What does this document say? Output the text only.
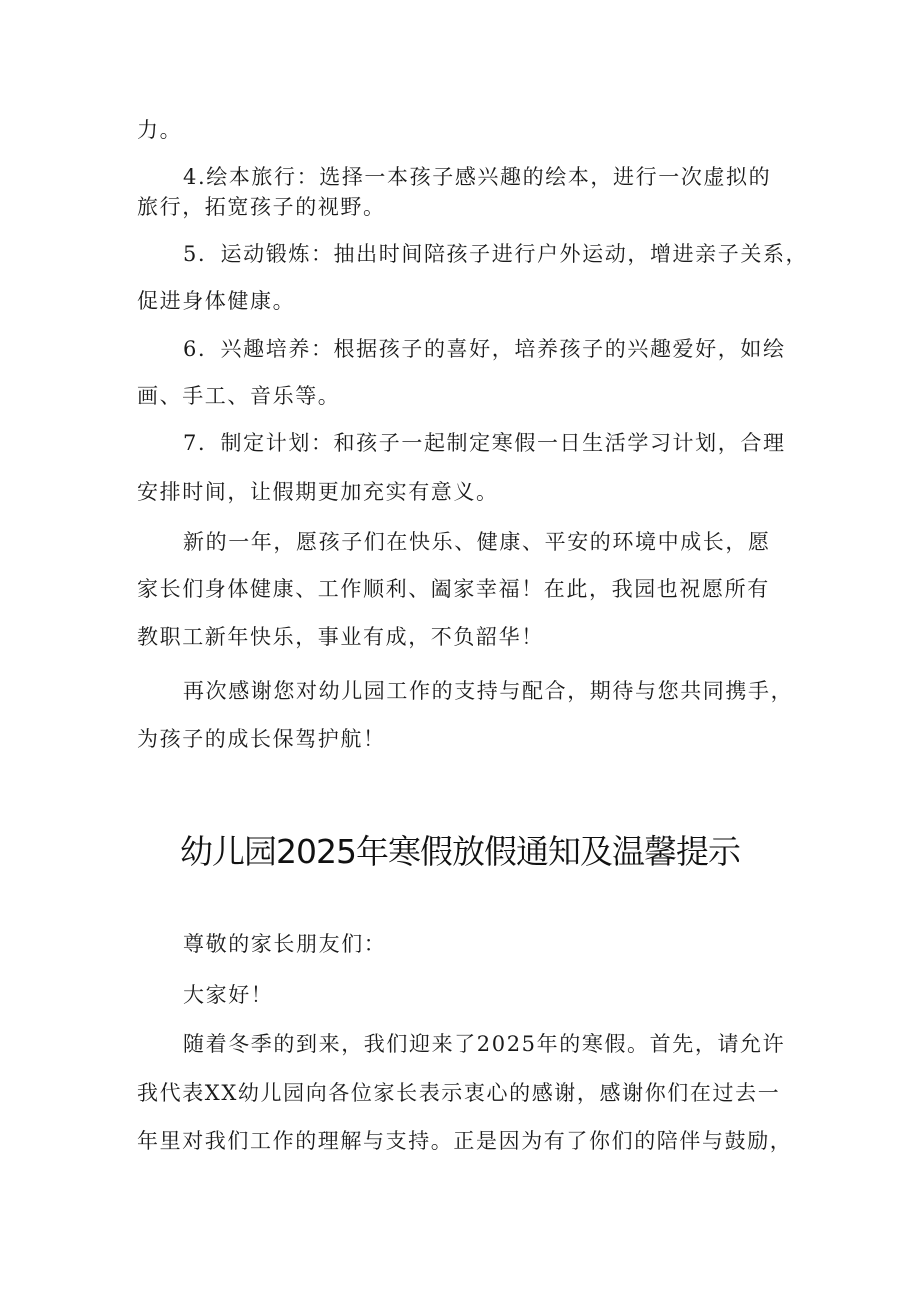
力。
4.绘本旅行：选择一本孩子感兴趣的绘本，进行一次虚拟的
旅行，拓宽孩子的视野。
5．运动锻炼：抽出时间陪孩子进行户外运动，增进亲子关系，
促进身体健康。
6．兴趣培养：根据孩子的喜好，培养孩子的兴趣爱好，如绘
画、手工、音乐等。
7．制定计划：和孩子一起制定寒假一日生活学习计划，合理
安排时间，让假期更加充实有意义。
新的一年，愿孩子们在快乐、健康、平安的环境中成长，愿
家长们身体健康、工作顺利、阖家幸福！在此，我园也祝愿所有
教职工新年快乐，事业有成，不负韶华！
再次感谢您对幼儿园工作的支持与配合，期待与您共同携手，
为孩子的成长保驾护航！
幼儿园2025年寒假放假通知及温馨提示
尊敬的家长朋友们：
大家好！
随着冬季的到来，我们迎来了2025年的寒假。首先，请允许
我代表XX幼儿园向各位家长表示衷心的感谢，感谢你们在过去一
年里对我们工作的理解与支持。正是因为有了你们的陪伴与鼓励，
